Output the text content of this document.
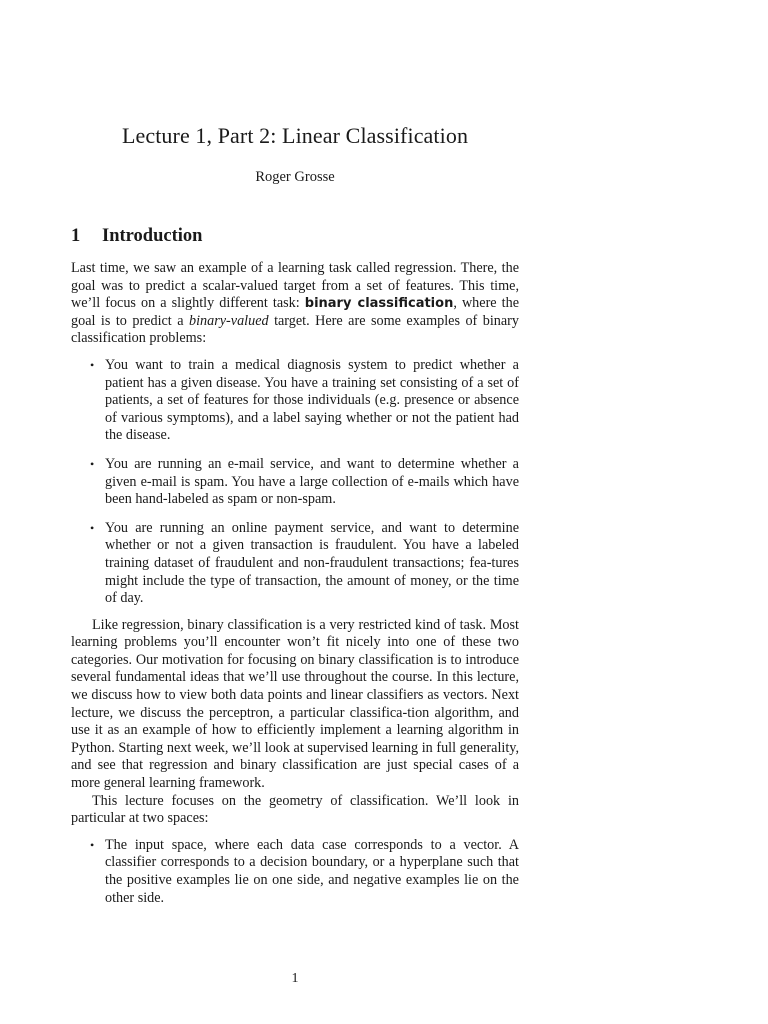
Lecture 1, Part 2: Linear Classification
Roger Grosse
1 Introduction

Last time, we saw an example of a learning task called regression. There, the goal was to predict a scalar-valued target from a set of features. This time, we’ll focus on a slightly different task: binary classification, where the goal is to predict a binary-valued target. Here are some examples of binary classification problems:

• You want to train a medical diagnosis system to predict whether a patient has a given disease. You have a training set consisting of a set of patients, a set of features for those individuals (e.g. presence or absence of various symptoms), and a label saying whether or not the patient had the disease.
• You are running an e-mail service, and want to determine whether a given e-mail is spam. You have a large collection of e-mails which have been hand-labeled as spam or non-spam.
• You are running an online payment service, and want to determine whether or not a given transaction is fraudulent. You have a labeled training dataset of fraudulent and non-fraudulent transactions; fea-tures might include the type of transaction, the amount of money, or the time of day.

Like regression, binary classification is a very restricted kind of task. Most learning problems you’ll encounter won’t fit nicely into one of these two categories. Our motivation for focusing on binary classification is to introduce several fundamental ideas that we’ll use throughout the course. In this lecture, we discuss how to view both data points and linear classifiers as vectors. Next lecture, we discuss the perceptron, a particular classifica-tion algorithm, and use it as an example of how to efficiently implement a learning algorithm in Python. Starting next week, we’ll look at supervised learning in full generality, and see that regression and binary classification are just special cases of a more general learning framework.

This lecture focuses on the geometry of classification. We’ll look in particular at two spaces:

• The input space, where each data case corresponds to a vector. A classifier corresponds to a decision boundary, or a hyperplane such that the positive examples lie on one side, and negative examples lie on the other side.
1
